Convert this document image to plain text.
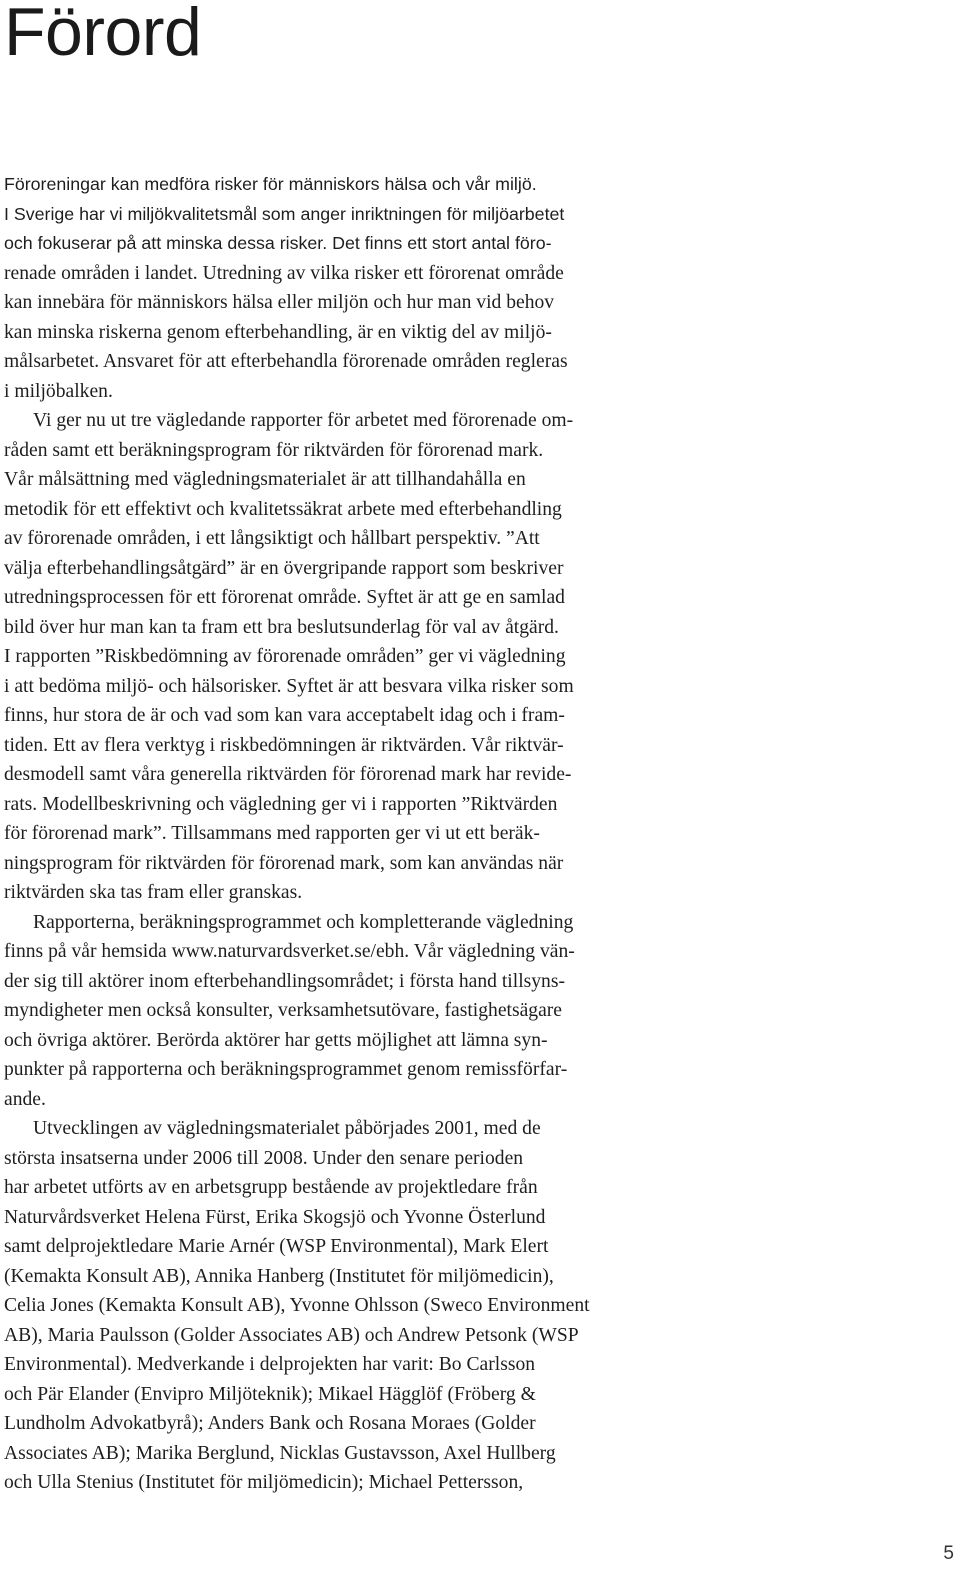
Förord
Föroreningar kan medföra risker för människors hälsa och vår miljö.
I Sverige har vi miljökvalitetsmål som anger inriktningen för miljöarbetet
och fokuserar på att minska dessa risker. Det finns ett stort antal förо-
renade områden i landet. Utredning av vilka risker ett förorenat område
kan innebära för människors hälsa eller miljön och hur man vid behov
kan minska riskerna genom efterbehandling, är en viktig del av miljö-
målsarbetet. Ansvaret för att efterbehandla förorenade områden regleras
i miljöbalken.
Vi ger nu ut tre vägledande rapporter för arbetet med förorenade om-
råden samt ett beräkningsprogram för riktvärden för förorenad mark.
Vår målsättning med vägledningsmaterialet är att tillhandahålla en
metodik för ett effektivt och kvalitetssäkrat arbete med efterbehandling
av förorenade områden, i ett långsiktigt och hållbart perspektiv. ”Att
välja efterbehandlingsåtgärd” är en övergripande rapport som beskriver
utredningsprocessen för ett förorenat område. Syftet är att ge en samlad
bild över hur man kan ta fram ett bra beslutsunderlag för val av åtgärd.
I rapporten ”Riskbedömning av förorenade områden” ger vi vägledning
i att bedöma miljö- och hälsorisker. Syftet är att besvara vilka risker som
finns, hur stora de är och vad som kan vara acceptabelt idag och i fram-
tiden. Ett av flera verktyg i riskbedömningen är riktvärden. Vår riktvär-
desmodell samt våra generella riktvärden för förorenad mark har revide-
rats. Modellbeskrivning och vägledning ger vi i rapporten ”Riktvärden
för förorenad mark”. Tillsammans med rapporten ger vi ut ett beräk-
ningsprogram för riktvärden för förorenad mark, som kan användas när
riktvärden ska tas fram eller granskas.
Rapporterna, beräkningsprogrammet och kompletterande vägledning
finns på vår hemsida www.naturvardsverket.se/ebh. Vår vägledning vän-
der sig till aktörer inom efterbehandlingsområdet; i första hand tillsyns-
myndigheter men också konsulter, verksamhetsutövare, fastighetsägare
och övriga aktörer. Berörda aktörer har getts möjlighet att lämna syn-
punkter på rapporterna och beräkningsprogrammet genom remissförfar-
ande.
Utvecklingen av vägledningsmaterialet påbörjades 2001, med de
största insatserna under 2006 till 2008. Under den senare perioden
har arbetet utförts av en arbetsgrupp bestående av projektledare från
Naturvårdsverket Helena Fürst, Erika Skogsjö och Yvonne Österlund
samt delprojektledare Marie Arnér (WSP Environmental), Mark Elert
(Kemakta Konsult AB), Annika Hanberg (Institutet för miljömedicin),
Celia Jones (Kemakta Konsult AB), Yvonne Ohlsson (Sweco Environment
AB), Maria Paulsson (Golder Associates AB) och Andrew Petsonk (WSP
Environmental). Medverkande i delprojekten har varit: Bo Carlsson
och Pär Elander (Envipro Miljöteknik); Mikael Hägglöf (Fröberg &
Lundholm Advokatbyrå); Anders Bank och Rosana Moraes (Golder
Associates AB); Marika Berglund, Nicklas Gustavsson, Axel Hullberg
och Ulla Stenius (Institutet för miljömedicin); Michael Pettersson,
5
